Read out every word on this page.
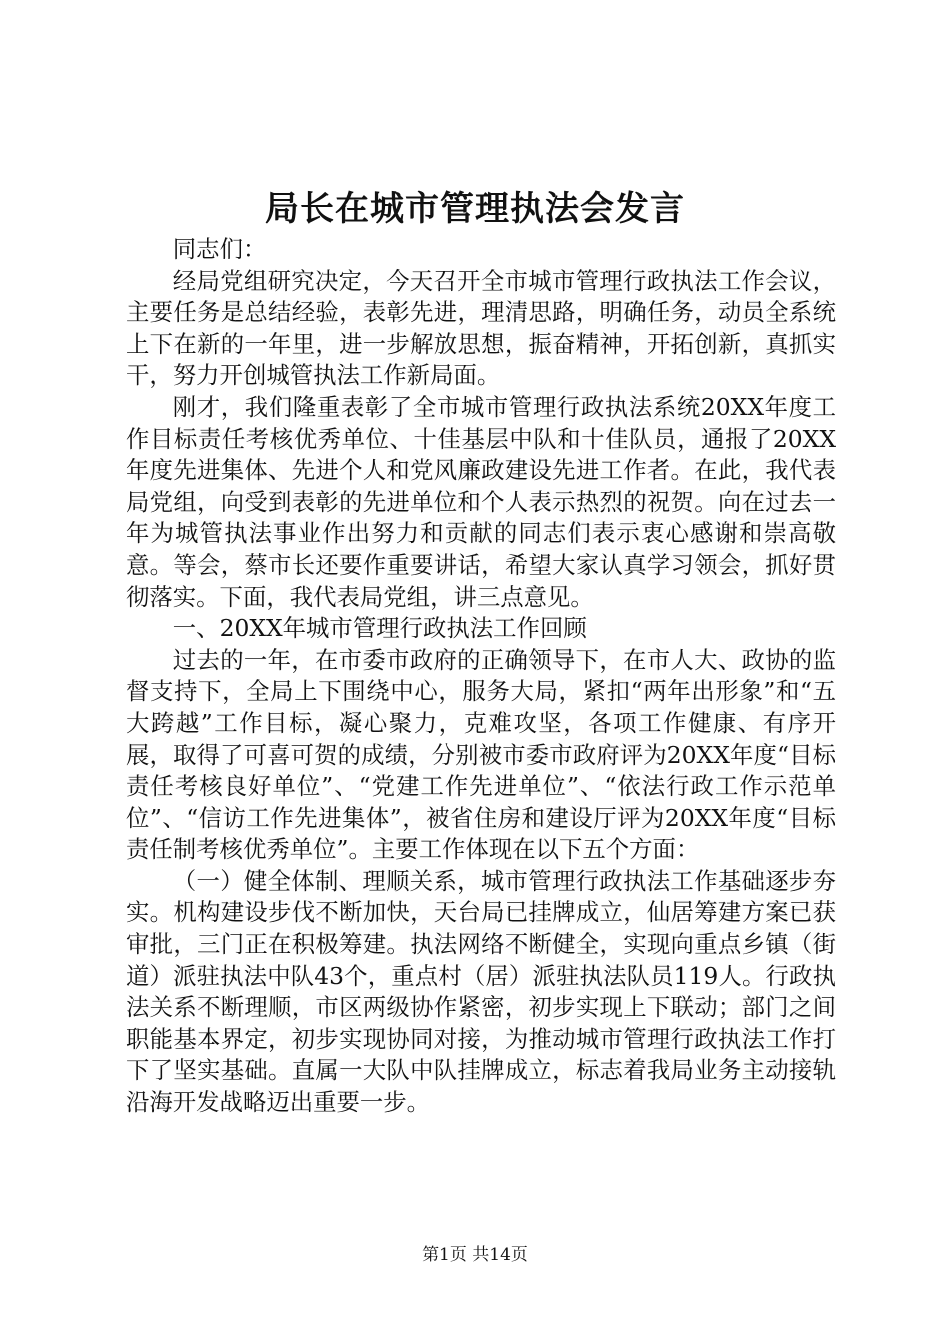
局长在城市管理执法会发言

同志们：

经局党组研究决定，今天召开全市城市管理行政执法工作会议，主要任务是总结经验，表彰先进，理清思路，明确任务，动员全系统上下在新的一年里，进一步解放思想，振奋精神，开拓创新，真抓实干，努力开创城管执法工作新局面。

刚才，我们隆重表彰了全市城市管理行政执法系统20XX年度工作目标责任考核优秀单位、十佳基层中队和十佳队员，通报了20XX年度先进集体、先进个人和党风廉政建设先进工作者。在此，我代表局党组，向受到表彰的先进单位和个人表示热烈的祝贺。向在过去一年为城管执法事业作出努力和贡献的同志们表示衷心感谢和崇高敬意。等会，蔡市长还要作重要讲话，希望大家认真学习领会，抓好贯彻落实。下面，我代表局党组，讲三点意见。

一、20XX年城市管理行政执法工作回顾

过去的一年，在市委市政府的正确领导下，在市人大、政协的监督支持下，全局上下围绕中心，服务大局，紧扣“两年出形象”和“五大跨越”工作目标，凝心聚力，克难攻坚，各项工作健康、有序开展，取得了可喜可贺的成绩，分别被市委市政府评为20XX年度“目标责任考核良好单位”、“党建工作先进单位”、“依法行政工作示范单位”、“信访工作先进集体”，被省住房和建设厅评为20XX年度“目标责任制考核优秀单位”。主要工作体现在以下五个方面：

（一）健全体制、理顺关系，城市管理行政执法工作基础逐步夯实。机构建设步伐不断加快，天台局已挂牌成立，仙居筹建方案已获审批，三门正在积极筹建。执法网络不断健全，实现向重点乡镇（街道）派驻执法中队43个，重点村（居）派驻执法队员119人。行政执法关系不断理顺，市区两级协作紧密，初步实现上下联动；部门之间职能基本界定，初步实现协同对接，为推动城市管理行政执法工作打下了坚实基础。直属一大队中队挂牌成立，标志着我局业务主动接轨沿海开发战略迈出重要一步。

第1页 共14页
